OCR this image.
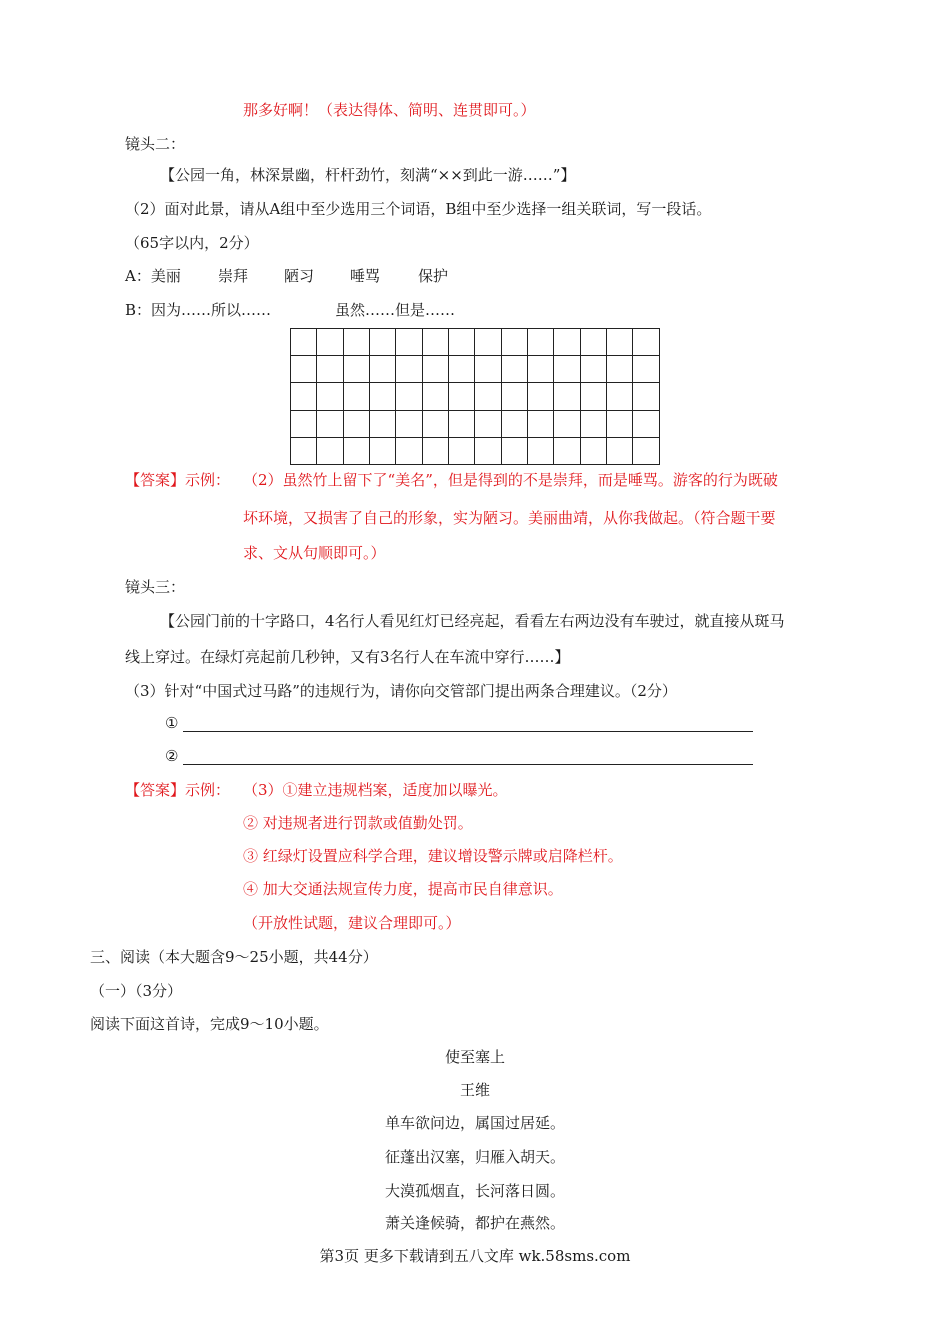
那多好啊！（表达得体、简明、连贯即可。）
镜头二：
【公园一角，林深景幽，杆杆劲竹，刻满“××到此一游……”】
（2）面对此景，请从A组中至少选用三个词语，B组中至少选择一组关联词，写一段话。
（65字以内，2分）
A：美丽 崇拜 陋习 唾骂	保护
B：因为……所以……	虽然……但是……

【答案】示例： （2）虽然竹上留下了“美名”，但是得到的不是崇拜，而是唾骂。游客的行为既破
坏环境，又损害了自己的形象，实为陋习。美丽曲靖，从你我做起。（符合题干要
求、文从句顺即可。）
镜头三：
【公园门前的十字路口，4名行人看见红灯已经亮起，看看左右两边没有车驶过，就直接从斑马
线上穿过。在绿灯亮起前几秒钟，又有3名行人在车流中穿行……】
（3）针对“中国式过马路”的违规行为，请你向交管部门提出两条合理建议。（2分）
①
②
【答案】示例： （3）①建立违规档案，适度加以曝光。
② 对违规者进行罚款或值勤处罚。
③ 红绿灯设置应科学合理，建议增设警示牌或启降栏杆。
④ 加大交通法规宣传力度，提高市民自律意识。
（开放性试题，建议合理即可。）
三、阅读（本大题含9～25小题，共44分）
（一）（3分）
阅读下面这首诗，完成9～10小题。
使至塞上
王维
单车欲问边，属国过居延。
征蓬出汉塞，归雁入胡天。
大漠孤烟直，长河落日圆。
萧关逢候骑，都护在燕然。
第3页 更多下载请到五八文库 wk.58sms.com
